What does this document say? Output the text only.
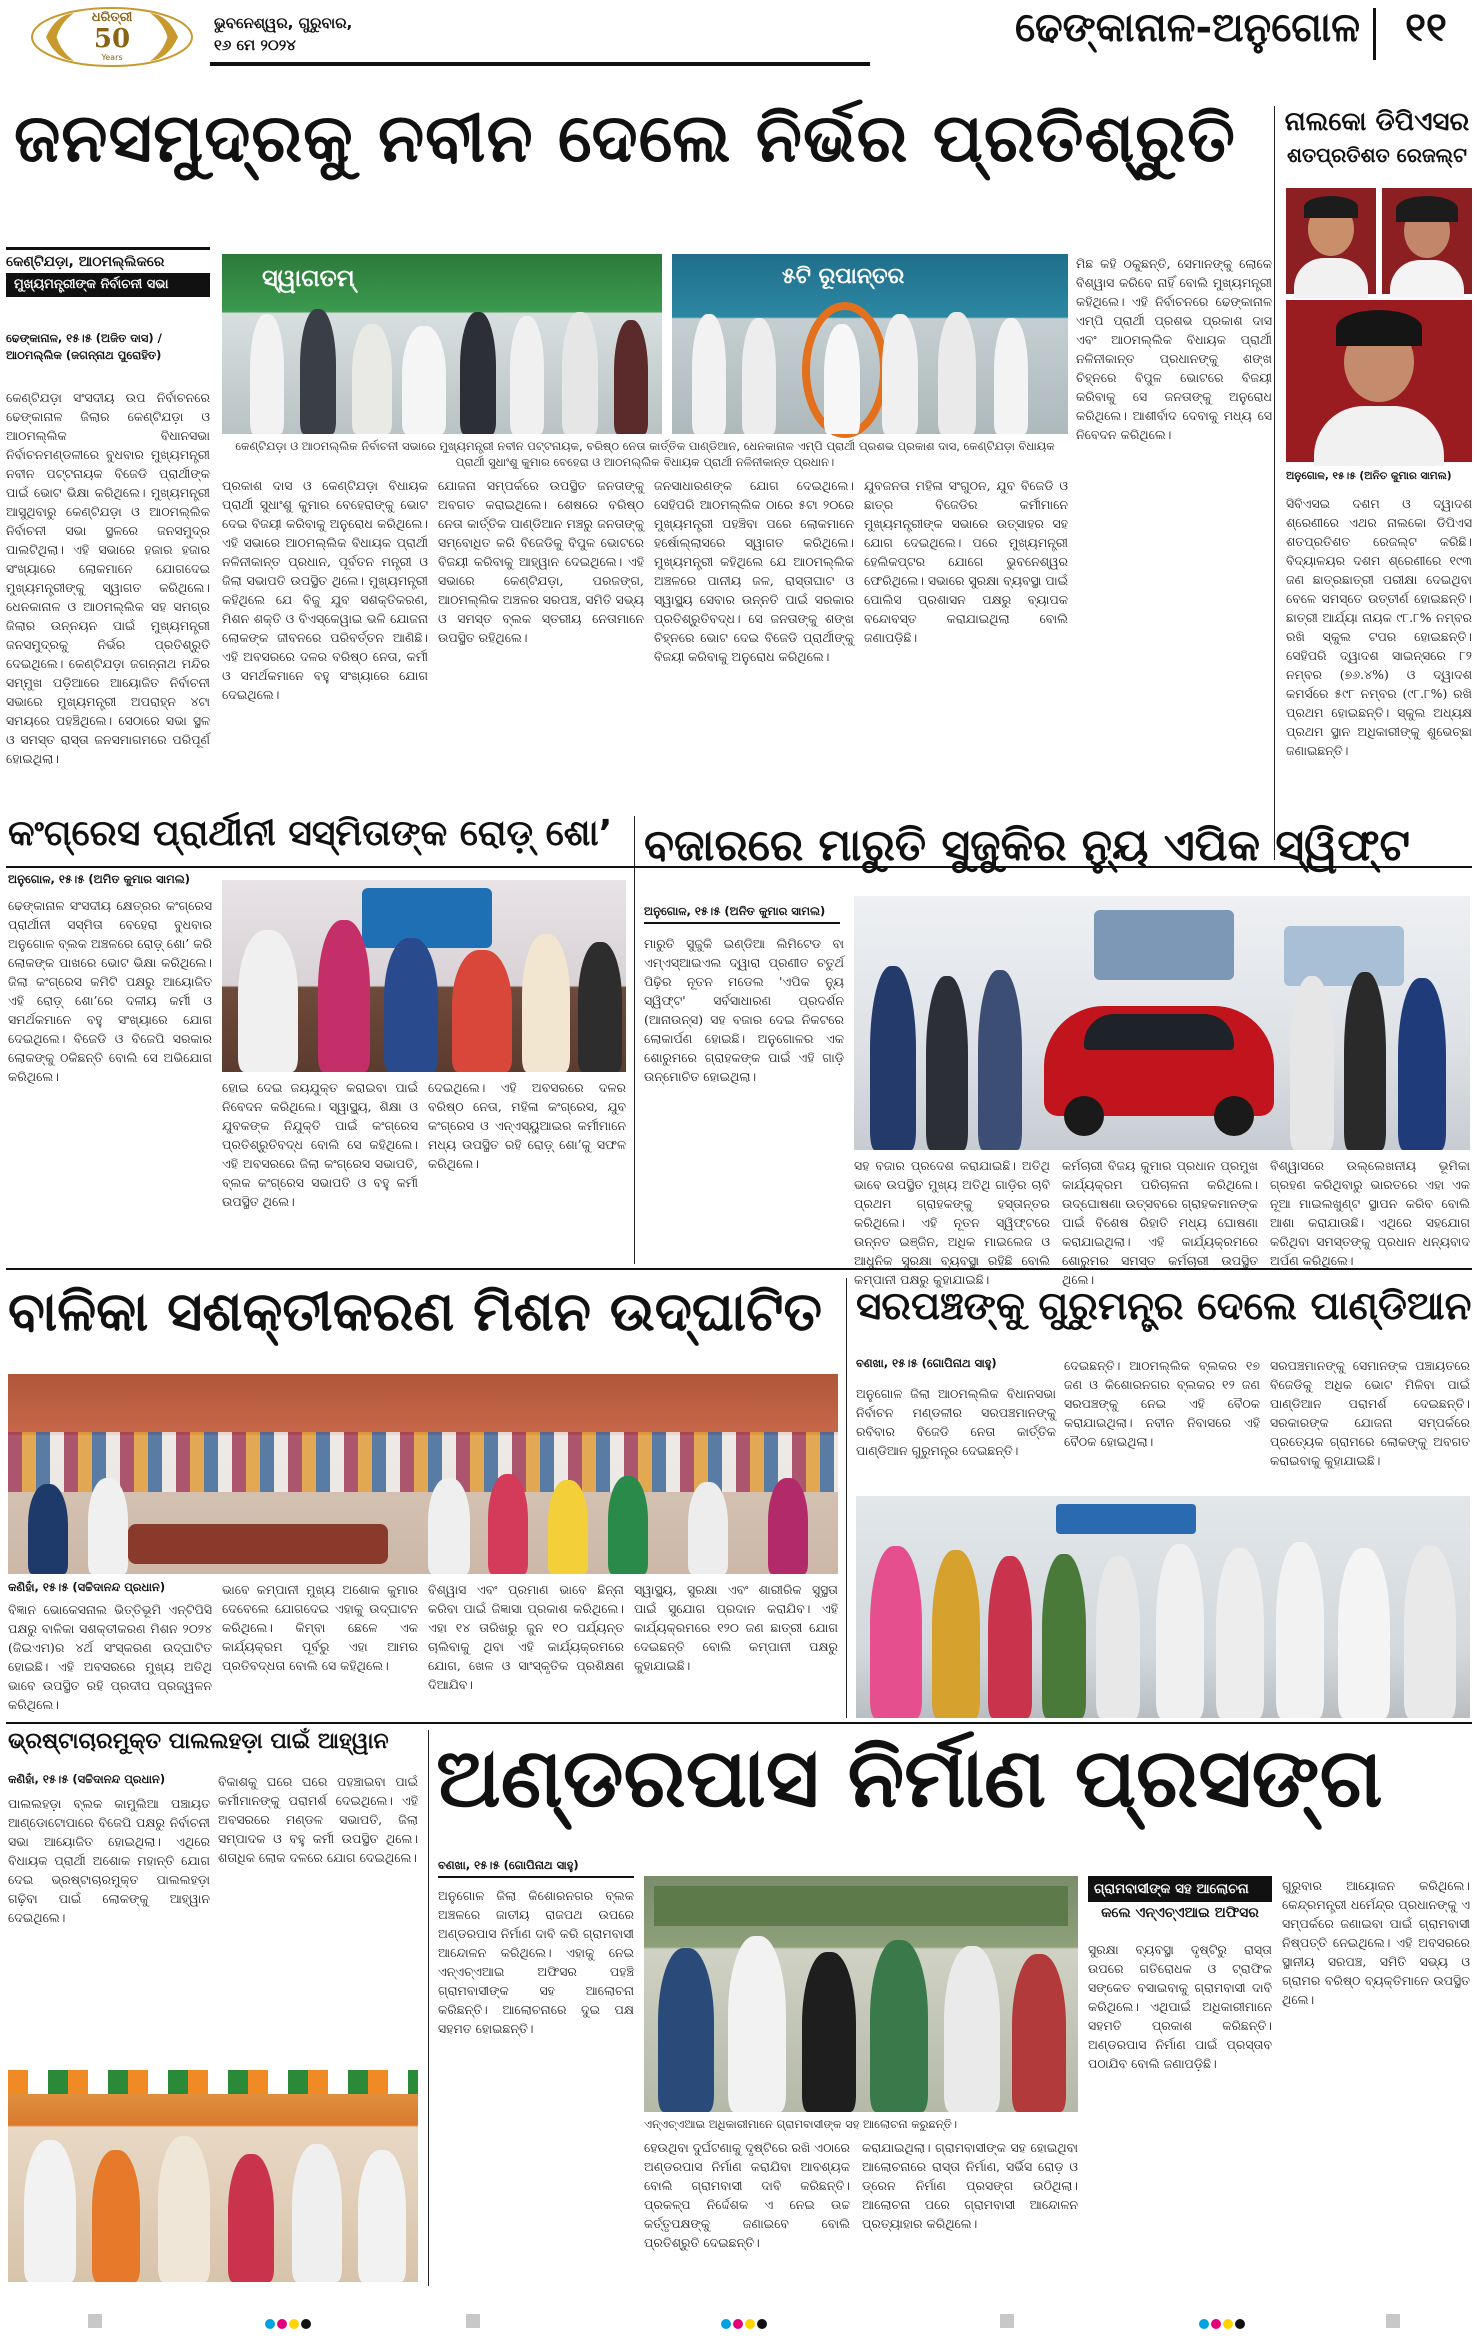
ଧରିତ୍ରୀ
50
Years
ଭୁବନେଶ୍ୱର, ଗୁରୁବାର,
୧୬ ମେ ୨୦୨୪	ଢେଙ୍କାନାଳ-ଅନୁଗୋଳ	୧୧
ଜନସମୁଦ୍ରକୁ ନବୀନ ଦେଲେ ନିର୍ଭର ପ୍ରତିଶ୍ରୁତି
କେଣ୍ଟିଯଡ଼ା, ଆଠମଲ୍ଲିକରେ
ମୁଖ୍ୟମନ୍ତ୍ରୀଙ୍କ ନିର୍ବାଚନୀ ସଭା
ଢେଙ୍କାନାଳ, ୧୫।୫ (ଅଜିତ ଦାସ) / ଆଠମଲ୍ଲିକ (ଜଗନ୍ନାଥ ପୁରୋହିତ)
ସ୍ୱାଗତମ୍	୫ଟି ରୂପାନ୍ତର
କେଣ୍ଟିଯଡ଼ା ଓ ଆଠମଲ୍ଲିକ ନିର୍ବାଚନୀ ସଭାରେ ମୁଖ୍ୟମନ୍ତ୍ରୀ ନବୀନ ପଟ୍ଟନାୟକ, ବରିଷ୍ଠ ନେତା କାର୍ତ୍ତିକ ପାଣ୍ଡିଆନ, ଧେନକାନାଳ ଏମ୍‌ପି ପ୍ରାର୍ଥୀ ପ୍ରଶଭ ପ୍ରକାଶ ଦାସ, କେଣ୍ଟିଯଡ଼ା ବିଧାୟକ ପ୍ରାର୍ଥୀ ସୁଧାଂଶୁ କୁମାର ବେହେରା ଓ ଆଠମଲ୍ଲିକ ବିଧାୟକ ପ୍ରାର୍ଥୀ ନଳିନୀକାନ୍ତ ପ୍ରଧାନ।
କେଣ୍ଟିଯଡ଼ା ସଂସଦୀୟ ଉପ ନିର୍ବାଚନରେ ଢେଙ୍କାନାଳ ଜିଲାର କେଣ୍ଟିଯଡ଼ା ଓ ଆଠମଲ୍ଲିକ ବିଧାନସଭା ନିର୍ବାଚନମଣ୍ଡଳୀରେ ବୁଧବାର ମୁଖ୍ୟମନ୍ତ୍ରୀ ନବୀନ ପଟ୍ଟନାୟକ ବିଜେଡି ପ୍ରାର୍ଥୀଙ୍କ ପାଇଁ ଭୋଟ ଭିକ୍ଷା କରିଥିଲେ। ମୁଖ୍ୟମନ୍ତ୍ରୀ ଆସୁଥିବାରୁ କେଣ୍ଟିଯଡ଼ା ଓ ଆଠମଲ୍ଲିକ ନିର୍ବାଚନୀ ସଭା ସ୍ଥଳରେ ଜନସମୁଦ୍ର ପାଲଟିଥିଲା। ଏହି ସଭାରେ ହଜାର ହଜାର ସଂଖ୍ୟାରେ ଲୋକମାନେ ଯୋଗଦେଇ ମୁଖ୍ୟମନ୍ତ୍ରୀଙ୍କୁ ସ୍ୱାଗତ କରିଥିଲେ। ଧେନକାନାଳ ଓ ଆଠମଲ୍ଲିକ ସହ ସମଗ୍ର ଜିଲାର ଉନ୍ନୟନ ପାଇଁ ମୁଖ୍ୟମନ୍ତ୍ରୀ ଜନସମୁଦ୍ରକୁ ନିର୍ଭର ପ୍ରତିଶ୍ରୁତି ଦେଇଥିଲେ। କେଣ୍ଟିଯଡ଼ା ଜଗନ୍ନାଥ ମନ୍ଦିର ସମ୍ମୁଖ ପଡ଼ିଆରେ ଆୟୋଜିତ ନିର୍ବାଚନୀ ସଭାରେ ମୁଖ୍ୟମନ୍ତ୍ରୀ ଅପରାହ୍ନ ୪ଟା ସମୟରେ ପହଞ୍ଚିଥିଲେ। ସେଠାରେ ସଭା ସ୍ଥଳ ଓ ସମସ୍ତ ରାସ୍ତା ଜନସମାଗମରେ ପରିପୂର୍ଣ ହୋଇଥିଲା।
ପ୍ରକାଶ ଦାସ ଓ କେଣ୍ଟିଯଡ଼ା ବିଧାୟକ ପ୍ରାର୍ଥୀ ସୁଧାଂଶୁ କୁମାର ବେହେରାଙ୍କୁ ଭୋଟ ଦେଇ ବିଜୟୀ କରିବାକୁ ଅନୁରୋଧ କରିଥିଲେ। ଏହି ସଭାରେ ଆଠମଲ୍ଲିକ ବିଧାୟକ ପ୍ରାର୍ଥୀ ନଳିନୀକାନ୍ତ ପ୍ରଧାନ, ପୂର୍ବତନ ମନ୍ତ୍ରୀ ଓ ଜିଲା ସଭାପତି ଉପସ୍ଥିତ ଥିଲେ। ମୁଖ୍ୟମନ୍ତ୍ରୀ କହିଥିଲେ ଯେ ବିଜୁ ଯୁବ ସଶକ୍ତିକରଣ, ମିଶନ ଶକ୍ତି ଓ ବିଏସ୍‌କେୱାଇ ଭଳି ଯୋଜନା ଲୋକଙ୍କ ଜୀବନରେ ପରିବର୍ତ୍ତନ ଆଣିଛି। ଏହି ଅବସରରେ ଦଳର ବରିଷ୍ଠ ନେତା, କର୍ମୀ ଓ ସମର୍ଥକମାନେ ବହୁ ସଂଖ୍ୟାରେ ଯୋଗ ଦେଇଥିଲେ।
ଯୋଜନା ସମ୍ପର୍କରେ ଉପସ୍ଥିତ ଜନତାଙ୍କୁ ଅବଗତ କରାଇଥିଲେ। ଶେଷରେ ବରିଷ୍ଠ ନେତା କାର୍ତ୍ତିକ ପାଣ୍ଡିଆନ ମଞ୍ଚରୁ ଜନତାଙ୍କୁ ସମ୍ବୋଧିତ କରି ବିଜେଡିକୁ ବିପୁଳ ଭୋଟରେ ବିଜୟୀ କରିବାକୁ ଆହ୍ୱାନ ଦେଇଥିଲେ। ଏହି ସଭାରେ କେଣ୍ଟିଯଡ଼ା, ପରଜଙ୍ଗ, ଆଠମଲ୍ଲିକ ଅଞ୍ଚଳର ସରପଞ୍ଚ, ସମିତି ସଭ୍ୟ ଓ ସମସ୍ତ ବ୍ଲକ ସ୍ତରୀୟ ନେତାମାନେ ଉପସ୍ଥିତ ରହିଥିଲେ।
ଜନସାଧାରଣଙ୍କ ଯୋଗ ଦେଇଥିଲେ। ସେହିପରି ଆଠମଲ୍ଲିକ ଠାରେ ୫ଟା ୨୦ରେ ମୁଖ୍ୟମନ୍ତ୍ରୀ ପହଞ୍ଚିବା ପରେ ଲୋକମାନେ ହର୍ଷୋଲ୍ଲାସରେ ସ୍ୱାଗତ କରିଥିଲେ। ମୁଖ୍ୟମନ୍ତ୍ରୀ କହିଥିଲେ ଯେ ଆଠମଲ୍ଲିକ ଅଞ୍ଚଳରେ ପାନୀୟ ଜଳ, ରାସ୍ତାଘାଟ ଓ ସ୍ୱାସ୍ଥ୍ୟ ସେବାର ଉନ୍ନତି ପାଇଁ ସରକାର ପ୍ରତିଶ୍ରୁତିବଦ୍ଧ। ସେ ଜନତାଙ୍କୁ ଶଙ୍ଖ ଚିହ୍ନରେ ଭୋଟ ଦେଇ ବିଜେଡି ପ୍ରାର୍ଥୀଙ୍କୁ ବିଜୟୀ କରିବାକୁ ଅନୁରୋଧ କରିଥିଲେ।
ଯୁବଜନତା ମହିଳା ସଂଗୁଠନ, ଯୁବ ବିଜେଡି ଓ ଛାତ୍ର ବିଜେଡିର କର୍ମୀମାନେ ମୁଖ୍ୟମନ୍ତ୍ରୀଙ୍କ ସଭାରେ ଉତ୍ସାହର ସହ ଯୋଗ ଦେଇଥିଲେ। ପରେ ମୁଖ୍ୟମନ୍ତ୍ରୀ ହେଲିକପ୍ଟର ଯୋଗେ ଭୁବନେଶ୍ୱର ଫେରିଥିଲେ। ସଭାରେ ସୁରକ୍ଷା ବ୍ୟବସ୍ଥା ପାଇଁ ପୋଲିସ ପ୍ରଶାସନ ପକ୍ଷରୁ ବ୍ୟାପକ ବନ୍ଦୋବସ୍ତ କରାଯାଇଥିଲା ବୋଲି ଜଣାପଡ଼ିଛି।
ମିଛ କହି ଠକୁଛନ୍ତି, ସେମାନଙ୍କୁ ଲୋକେ ବିଶ୍ୱାସ କରିବେ ନାହିଁ ବୋଲି ମୁଖ୍ୟମନ୍ତ୍ରୀ କହିଥିଲେ। ଏହି ନିର୍ବାଚନରେ ଢେଙ୍କାନାଳ ଏମ୍‌ପି ପ୍ରାର୍ଥୀ ପ୍ରଶଭ ପ୍ରକାଶ ଦାସ ଏବଂ ଆଠମଲ୍ଲିକ ବିଧାୟକ ପ୍ରାର୍ଥୀ ନଳିନୀକାନ୍ତ ପ୍ରଧାନଙ୍କୁ ଶଙ୍ଖ ଚିହ୍ନରେ ବିପୁଳ ଭୋଟରେ ବିଜୟୀ କରିବାକୁ ସେ ଜନତାଙ୍କୁ ଅନୁରୋଧ କରିଥିଲେ। ଆଶୀର୍ବାଦ ଦେବାକୁ ମଧ୍ୟ ସେ ନିବେଦନ କରିଥିଲେ।
ନାଲକୋ ଡିପିଏସର
ଶତପ୍ରତିଶତ ରେଜଲ୍ଟ
ଅନୁଗୋଳ, ୧୫।୫ (ଅନିତ କୁମାର ସାମଲ)
ସିବିଏସଇ ଦଶମ ଓ ଦ୍ୱାଦଶ ଶ୍ରେଣୀରେ ଏଥର ନାଲକୋ ଡିପିଏସ ଶତପ୍ରତିଶତ ରେଜଲ୍ଟ କରିଛି। ବିଦ୍ୟାଳୟର ଦଶମ ଶ୍ରେଣୀରେ ୧୯୩ ଜଣ ଛାତ୍ରଛାତ୍ରୀ ପରୀକ୍ଷା ଦେଇଥିବା ବେଳେ ସମସ୍ତେ ଉତ୍ତୀର୍ଣ ହୋଇଛନ୍ତି। ଛାତ୍ରୀ ଆର୍ଯ୍ୟା ନାୟକ ୯୮.୮% ନମ୍ବର ରଖି ସ୍କୁଲ ଟପର ହୋଇଛନ୍ତି। ସେହିପରି ଦ୍ୱାଦଶ ସାଇନ୍ସରେ ୮୨ ନମ୍ବର (୭୬.୪%) ଓ ଦ୍ୱାଦଶ କମର୍ସରେ ୫୯୮ ନମ୍ବର (୯୮.୮%) ରଖି ପ୍ରଥମ ହୋଇଛନ୍ତି। ସ୍କୁଲ ଅଧ୍ୟକ୍ଷ ପ୍ରଥମ ସ୍ଥାନ ଅଧିକାରୀଙ୍କୁ ଶୁଭେଚ୍ଛା ଜଣାଇଛନ୍ତି।
କଂଗ୍ରେସ ପ୍ରାର୍ଥୀନୀ ସସ୍ମିତାଙ୍କ ରୋଡ଼୍ ଶୋ’
ଅନୁଗୋଳ, ୧୫।୫ (ଅମିତ କୁମାର ସାମଲ)
ଢେଙ୍କାନାଳ ସଂସଦୀୟ କ୍ଷେତ୍ରର କଂଗ୍ରେସ ପ୍ରାର୍ଥୀନୀ ସସ୍ମିତା ବେହେରା ବୁଧବାର ଅନୁଗୋଳ ବ୍ଲକ ଅଞ୍ଚଳରେ ରୋଡ଼୍ ଶୋ’ କରି ଲୋକଙ୍କ ପାଖରେ ଭୋଟ ଭିକ୍ଷା କରିଥିଲେ। ଜିଲା କଂଗ୍ରେସ କମିଟି ପକ୍ଷରୁ ଆୟୋଜିତ ଏହି ରୋଡ଼୍ ଶୋ’ରେ ଦଳୀୟ କର୍ମୀ ଓ ସମର୍ଥକମାନେ ବହୁ ସଂଖ୍ୟାରେ ଯୋଗ ଦେଇଥିଲେ। ବିଜେଡି ଓ ବିଜେପି ସରକାର ଲୋକଙ୍କୁ ଠକିଛନ୍ତି ବୋଲି ସେ ଅଭିଯୋଗ କରିଥିଲେ।
ହୋଇ ଦେଇ ଜୟଯୁକ୍ତ କରାଇବା ପାଇଁ ନିବେଦନ କରିଥିଲେ। ସ୍ୱାସ୍ଥ୍ୟ, ଶିକ୍ଷା ଓ ଯୁବକଙ୍କ ନିଯୁକ୍ତି ପାଇଁ କଂଗ୍ରେସ ପ୍ରତିଶ୍ରୁତିବଦ୍ଧ ବୋଲି ସେ କହିଥିଲେ। ଏହି ଅବସରରେ ଜିଲା କଂଗ୍ରେସ ସଭାପତି, ବ୍ଲକ କଂଗ୍ରେସ ସଭାପତି ଓ ବହୁ କର୍ମୀ ଉପସ୍ଥିତ ଥିଲେ।
ଦେଇଥିଲେ। ଏହି ଅବସରରେ ଦଳର ବରିଷ୍ଠ ନେତା, ମହିଳା କଂଗ୍ରେସ, ଯୁବ କଂଗ୍ରେସ ଓ ଏନ୍‌ଏସ୍‌ୟୁଆଇର କର୍ମୀମାନେ ମଧ୍ୟ ଉପସ୍ଥିତ ରହି ରୋଡ଼୍ ଶୋ’କୁ ସଫଳ କରିଥିଲେ।
ବଜାରରେ ମାରୁତି ସୁଜୁକିର ନ୍ୟୁ ଏପିକ ସ୍ୱିଫ୍ଟ
ଅନୁଗୋଳ, ୧୫।୫ (ଅନିତ କୁମାର ସାମଲ)
ମାରୁତି ସୁଜୁକି ଇଣ୍ଡିଆ ଲିମିଟେଡ ବା ଏମ୍‌ଏସ୍‌ଆଇଏଲ ଦ୍ୱାରା ପ୍ରଣୀତ ଚତୁର୍ଥ ପିଢ଼ିର ନୂତନ ମଡେଲ 'ଏପିକ ନ୍ୟୁ ସ୍ୱିଫ୍ଟ' ସର୍ବସାଧାରଣ ପ୍ରଦର୍ଶନ (ଆନାଉନ୍ସ) ସହ ବଜାର ଦେଇ ନିକଟରେ ଲୋକାର୍ପଣ ହୋଇଛି। ଅନୁଗୋଳର ଏକ ଶୋରୁମରେ ଗ୍ରାହକଙ୍କ ପାଇଁ ଏହି ଗାଡ଼ି ଉନ୍ମୋଚିତ ହୋଇଥିଲା।
ସହ ବଜାର ପ୍ରଦେଶ କରାଯାଇଛି। ଅତିଥି ଭାବେ ଉପସ୍ଥିତ ମୁଖ୍ୟ ଅତିଥି ଗାଡ଼ିର ଚାବି ପ୍ରଥମ ଗ୍ରାହକଙ୍କୁ ହସ୍ତାନ୍ତର କରିଥିଲେ। ଏହି ନୂତନ ସ୍ୱିଫ୍ଟରେ ଉନ୍ନତ ଇଞ୍ଜିନ, ଅଧିକ ମାଇଲେଜ ଓ ଆଧୁନିକ ସୁରକ୍ଷା ବ୍ୟବସ୍ଥା ରହିଛି ବୋଲି କମ୍ପାନୀ ପକ୍ଷରୁ କୁହାଯାଇଛି।
କର୍ମଚାରୀ ବିଜୟ କୁମାର ପ୍ରଧାନ ପ୍ରମୁଖ କାର୍ଯ୍ୟକ୍ରମ ପରିଚାଳନା କରିଥିଲେ। ଉଦ୍‌ଘୋଷଣା ଉତ୍ସବରେ ଗ୍ରାହକମାନଙ୍କ ପାଇଁ ବିଶେଷ ରିହାତି ମଧ୍ୟ ଘୋଷଣା କରାଯାଇଥିଲା। ଏହି କାର୍ଯ୍ୟକ୍ରମରେ ଶୋରୁମର ସମସ୍ତ କର୍ମଚାରୀ ଉପସ୍ଥିତ ଥିଲେ।
ବିଶ୍ୱାସରେ ଉଲ୍ଲେଖନୀୟ ଭୂମିକା ଗ୍ରହଣ କରିଥିବାରୁ ଭାରତରେ ଏହା ଏକ ନୂଆ ମାଇଲଖୁଣ୍ଟ ସ୍ଥାପନ କରିବ ବୋଲି ଆଶା କରାଯାଉଛି। ଏଥିରେ ସହଯୋଗ କରିଥିବା ସମସ୍ତଙ୍କୁ ପ୍ରଧାନ ଧନ୍ୟବାଦ ଅର୍ପଣ କରିଥିଲେ।
ବାଳିକା ସଶକ୍ତୀକରଣ ମିଶନ ଉଦ୍‌ଘାଟିତ
କଣିହାଁ, ୧୫।୫ (ସଚ୍ଚିଦାନନ୍ଦ ପ୍ରଧାନ)
ବିଜ୍ଞାନ ଭୋକେସନାଲ ଭିତ୍ତିଭୂମି ଏନ୍‌ଟିପିସି ପକ୍ଷରୁ ବାଳିକା ସଶକ୍ତୀକରଣ ମିଶନ ୨୦୨୪ (ଜିଇଏମ)ର ୪ର୍ଥ ସଂସ୍କରଣ ଉଦ୍‌ଘାଟିତ ହୋଇଛି। ଏହି ଅବସରରେ ମୁଖ୍ୟ ଅତିଥି ଭାବେ ଉପସ୍ଥିତ ରହି ପ୍ରଦୀପ ପ୍ରଜ୍ୱଳନ କରିଥିଲେ।
ଭାବେ କମ୍ପାନୀ ମୁଖ୍ୟ ଅଶୋକ କୁମାର ଦେବେଲେ ଯୋଗଦେଇ ଏହାକୁ ଉଦ୍‌ଘାଟନ କରିଥିଲେ। କିମ୍ବା ଛେଳେ ଏକ କାର୍ଯ୍ୟକ୍ରମ ପୂର୍ବରୁ ଏହା ଆମର ପ୍ରତିବଦ୍ଧତା ବୋଲି ସେ କହିଥିଲେ।
ବିଶ୍ୱାସ ଏବଂ ପ୍ରମାଣ ଭାବେ ଛିନ୍ନା କରିବା ପାଇଁ ଜିଜ୍ଞାସା ପ୍ରକାଶ କରିଥିଲେ। ଏହା ୧୪ ତାରିଖରୁ ଜୁନ ୧୦ ପର୍ଯ୍ୟନ୍ତ ଚାଲିବାକୁ ଥିବା ଏହି କାର୍ଯ୍ୟକ୍ରମରେ ଯୋଗ, ଖେଳ ଓ ସାଂସ୍କୃତିକ ପ୍ରଶିକ୍ଷଣ ଦିଆଯିବ।
ସ୍ୱାସ୍ଥ୍ୟ, ସୁରକ୍ଷା ଏବଂ ଶାରୀରିକ ସୁସ୍ଥତା ପାଇଁ ସୁଯୋଗ ପ୍ରଦାନ କରାଯିବ। ଏହି କାର୍ଯ୍ୟକ୍ରମରେ ୧୨୦ ଜଣ ଛାତ୍ରୀ ଯୋଗ ଦେଇଛନ୍ତି ବୋଲି କମ୍ପାନୀ ପକ୍ଷରୁ କୁହାଯାଇଛି।
ସରପଞ୍ଚଙ୍କୁ ଗୁରୁମନ୍ତ୍ର ଦେଲେ ପାଣ୍ଡିଆନ
ବଣଖା, ୧୫।୫ (ଗୋପିନାଥ ସାହୁ)
ଅନୁଗୋଳ ଜିଲା ଆଠମଲ୍ଲିକ ବିଧାନସଭା ନିର୍ବାଚନ ମଣ୍ଡଳୀର ସରପଞ୍ଚମାନଙ୍କୁ ରବିବାର ବିଜେଡି ନେତା କାର୍ତ୍ତିକ ପାଣ୍ଡିଆନ ଗୁରୁମନ୍ତ୍ର ଦେଇଛନ୍ତି।
ଦେଇଛନ୍ତି। ଆଠମଲ୍ଲିକ ବ୍ଲକର ୧୭ ଜଣ ଓ କିଶୋରନଗର ବ୍ଲକର ୧୨ ଜଣ ସରପଞ୍ଚଙ୍କୁ ନେଇ ଏହି ବୈଠକ କରାଯାଇଥିଲା। ନବୀନ ନିବାସରେ ଏହି ବୈଠକ ହୋଇଥିଲା।
ସରପଞ୍ଚମାନଙ୍କୁ ସେମାନଙ୍କ ପଞ୍ଚାୟତରେ ବିଜେଡିକୁ ଅଧିକ ଭୋଟ ମିଳିବା ପାଇଁ ପାଣ୍ଡିଆନ ପରାମର୍ଶ ଦେଇଛନ୍ତି। ସରକାରଙ୍କ ଯୋଜନା ସମ୍ପର୍କରେ ପ୍ରତ୍ୟେକ ଗ୍ରାମରେ ଲୋକଙ୍କୁ ଅବଗତ କରାଇବାକୁ କୁହାଯାଇଛି।
ଭ୍ରଷ୍ଟାଚାରମୁକ୍ତ ପାଲଲହଡ଼ା ପାଇଁ ଆହ୍ୱାନ
କଣିହାଁ, ୧୫।୫ (ସଚ୍ଚିଦାନନ୍ଦ ପ୍ରଧାନ)
ପାଲଲହଡ଼ା ବ୍ଲକ କାମୁଲିଆ ପଞ୍ଚାୟତ ଆଣ୍ଡୋଟୋପାରେ ବିଜେପି ପକ୍ଷରୁ ନିର୍ବାଚନୀ ସଭା ଆୟୋଜିତ ହୋଇଥିଲା। ଏଥିରେ ବିଧାୟକ ପ୍ରାର୍ଥୀ ଅଶୋକ ମହାନ୍ତି ଯୋଗ ଦେଇ ଭ୍ରଷ୍ଟାଚାରମୁକ୍ତ ପାଲଲହଡ଼ା ଗଢ଼ିବା ପାଇଁ ଲୋକଙ୍କୁ ଆହ୍ୱାନ ଦେଇଥିଲେ।
ବିକାଶକୁ ଘରେ ଘରେ ପହଞ୍ଚାଇବା ପାଇଁ କର୍ମୀମାନଙ୍କୁ ପରାମର୍ଶ ଦେଇଥିଲେ। ଏହି ଅବସରରେ ମଣ୍ଡଳ ସଭାପତି, ଜିଲା ସମ୍ପାଦକ ଓ ବହୁ କର୍ମୀ ଉପସ୍ଥିତ ଥିଲେ। ଶତାଧିକ ଲୋକ ଦଳରେ ଯୋଗ ଦେଇଥିଲେ।
ଅଣ୍ଡରପାସ ନିର୍ମାଣ ପ୍ରସଙ୍ଗ
ବଣଖା, ୧୫।୫ (ଗୋପିନାଥ ସାହୁ)
ଅନୁଗୋଳ ଜିଲା କିଶୋରନଗର ବ୍ଲକ ଅଞ୍ଚଳରେ ଜାତୀୟ ରାଜପଥ ଉପରେ ଅଣ୍ଡରପାସ ନିର୍ମାଣ ଦାବି କରି ଗ୍ରାମବାସୀ ଆନ୍ଦୋଳନ କରିଥିଲେ। ଏହାକୁ ନେଇ ଏନ୍‌ଏଚ୍‌ଏଆଇ ଅଫିସର ପହଞ୍ଚି ଗ୍ରାମବାସୀଙ୍କ ସହ ଆଲୋଚନା କରିଛନ୍ତି। ଆଲୋଚନାରେ ଦୁଇ ପକ୍ଷ ସହମତ ହୋଇଛନ୍ତି।
ଏନ୍‌ଏଚ୍‌ଏଆଇ ଅଧିକାରୀମାନେ ଗ୍ରାମବାସୀଙ୍କ ସହ ଆଲୋଚନା କରୁଛନ୍ତି।
ହେଉଥିବା ଦୁର୍ଘଟଣାକୁ ଦୃଷ୍ଟିରେ ରଖି ଏଠାରେ ଅଣ୍ଡରପାସ ନିର୍ମାଣ କରାଯିବା ଆବଶ୍ୟକ ବୋଲି ଗ୍ରାମବାସୀ ଦାବି କରିଛନ୍ତି। ପ୍ରକଳ୍ପ ନିର୍ଦ୍ଦେଶକ ଏ ନେଇ ଉଚ୍ଚ କର୍ତ୍ତୃପକ୍ଷଙ୍କୁ ଜଣାଇବେ ବୋଲି ପ୍ରତିଶ୍ରୁତି ଦେଇଛନ୍ତି।
କରାଯାଇଥିଲା। ଗ୍ରାମବାସୀଙ୍କ ସହ ହୋଇଥିବା ଆଲୋଚନାରେ ରାସ୍ତା ନିର୍ମାଣ, ସର୍ଭିସ ରୋଡ଼ ଓ ଡ୍ରେନ ନିର୍ମାଣ ପ୍ରସଙ୍ଗ ଉଠିଥିଲା। ଆଲୋଚନା ପରେ ଗ୍ରାମବାସୀ ଆନ୍ଦୋଳନ ପ୍ରତ୍ୟାହାର କରିଥିଲେ।
ଗ୍ରାମବାସୀଙ୍କ ସହ ଆଲୋଚନା
କଲେ ଏନ୍‌ଏଚ୍‌ଏଆଇ ଅଫିସର
ସୁରକ୍ଷା ବ୍ୟବସ୍ଥା ଦୃଷ୍ଟିରୁ ରାସ୍ତା ଉପରେ ଗତିରୋଧକ ଓ ଟ୍ରାଫିକ ସଙ୍କେତ ବସାଇବାକୁ ଗ୍ରାମବାସୀ ଦାବି କରିଥିଲେ। ଏଥିପାଇଁ ଅଧିକାରୀମାନେ ସହମତି ପ୍ରକାଶ କରିଛନ୍ତି। ଅଣ୍ଡରପାସ ନିର୍ମାଣ ପାଇଁ ପ୍ରସ୍ତାବ ପଠାଯିବ ବୋଲି ଜଣାପଡ଼ିଛି।
ଗୁରୁବାର ଆୟୋଜନ କରିଥିଲେ। କେନ୍ଦ୍ରମନ୍ତ୍ରୀ ଧର୍ମେନ୍ଦ୍ର ପ୍ରଧାନଙ୍କୁ ଏ ସମ୍ପର୍କରେ ଜଣାଇବା ପାଇଁ ଗ୍ରାମବାସୀ ନିଷ୍ପତ୍ତି ନେଇଥିଲେ। ଏହି ଅବସରରେ ସ୍ଥାନୀୟ ସରପଞ୍ଚ, ସମିତି ସଭ୍ୟ ଓ ଗ୍ରାମର ବରିଷ୍ଠ ବ୍ୟକ୍ତିମାନେ ଉପସ୍ଥିତ ଥିଲେ।
